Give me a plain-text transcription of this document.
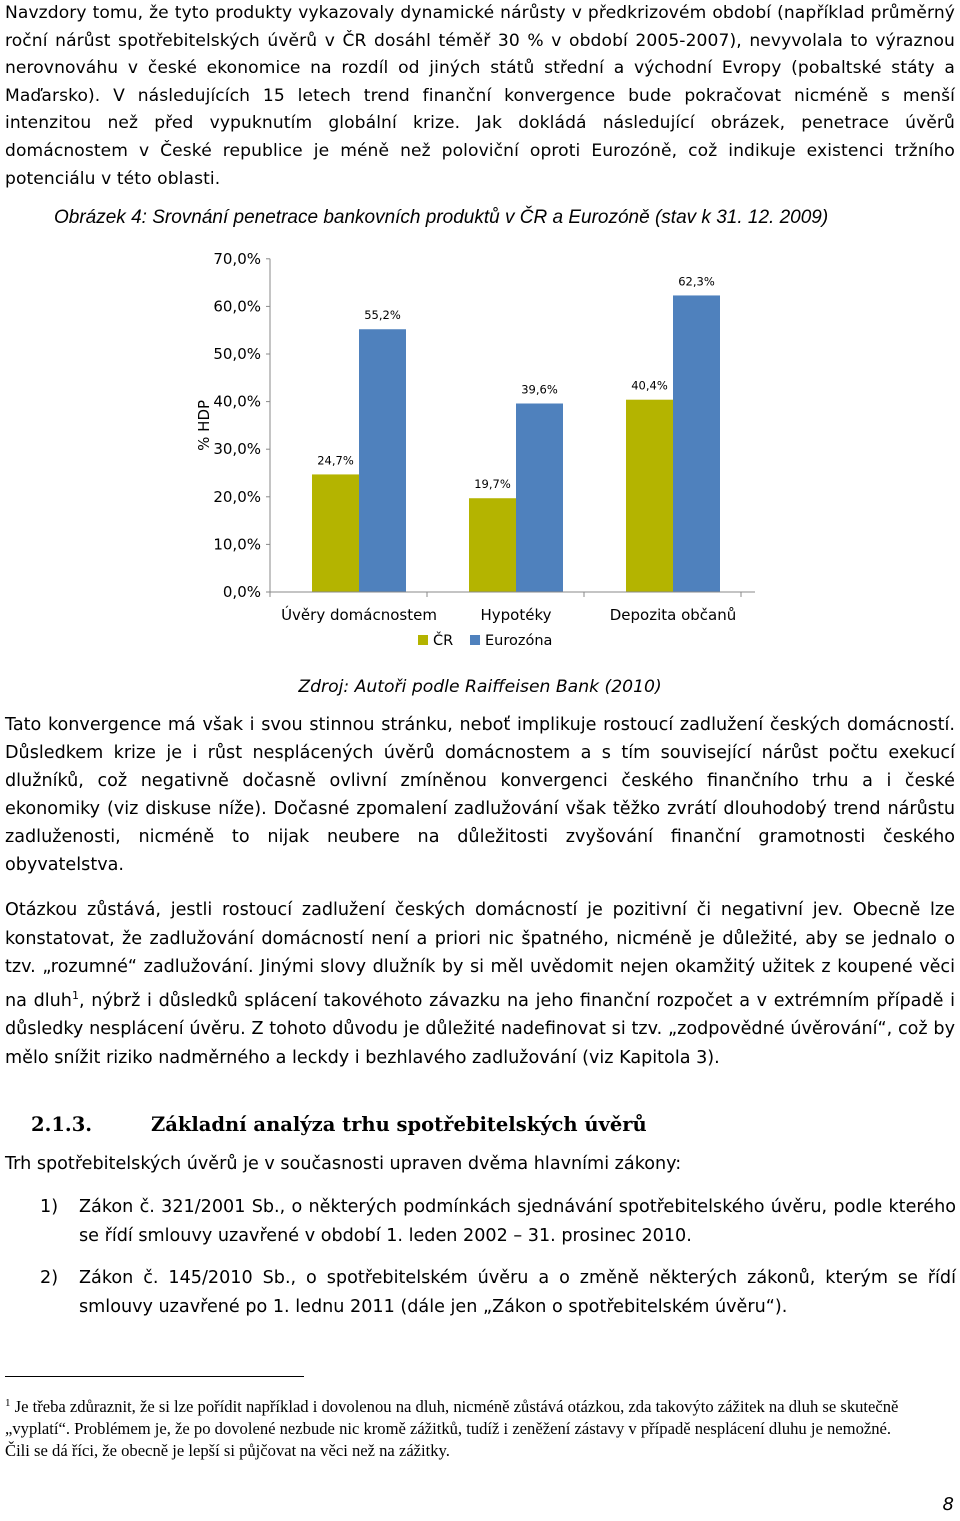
Navzdory tomu, že tyto produkty vykazovaly dynamické nárůsty v předkrizovém období (například průměrný roční nárůst spotřebitelských úvěrů v ČR dosáhl téměř 30 % v období 2005-2007), nevyvolala to výraznou nerovnováhu v české ekonomice na rozdíl od jiných států střední a východní Evropy (pobaltské státy a Maďarsko). V následujících 15 letech trend finanční konvergence bude pokračovat nicméně s menší intenzitou než před vypuknutím globální krize. Jak dokládá následující obrázek, penetrace úvěrů domácnostem v České republice je méně než poloviční oproti Eurozóně, což indikuje existenci tržního potenciálu v této oblasti.

Obrázek 4: Srovnání penetrace bankovních produktů v ČR a Eurozóně (stav k 31. 12. 2009)
0,0%
10,0%
20,0%
30,0%
40,0%
50,0%
60,0%
70,0%
% HDP
24,7%
55,2%
19,7%
39,6%	40,4%
62,3%
Úvěry domácnostem	Hypotéky	Depozita občanů
ČR Eurozóna
Zdroj: Autoři podle Raiffeisen Bank (2010)

Tato konvergence má však i svou stinnou stránku, neboť implikuje rostoucí zadlužení českých domácností. Důsledkem krize je i růst nesplácených úvěrů domácnostem a s tím související nárůst počtu exekucí dlužníků, což negativně dočasně ovlivní zmíněnou konvergenci českého finančního trhu a i české ekonomiky (viz diskuse níže). Dočasné zpomalení zadlužování však těžko zvrátí dlouhodobý trend nárůstu zadluženosti, nicméně to nijak neubere na důležitosti zvyšování finanční gramotnosti českého obyvatelstva.

Otázkou zůstává, jestli rostoucí zadlužení českých domácností je pozitivní či negativní jev. Obecně lze konstatovat, že zadlužování domácností není a priori nic špatného, nicméně je důležité, aby se jednalo o tzv. „rozumné“ zadlužování. Jinými slovy dlužník by si měl uvědomit nejen okamžitý užitek z koupené věci na dluh$^1$, nýbrž i důsledků splácení takovéhoto závazku na jeho finanční rozpočet a v extrémním případě i důsledky nesplácení úvěru. Z tohoto důvodu je důležité nadefinovat si tzv. „zodpovědné úvěrování“, což by mělo snížit riziko nadměrného a leckdy i bezhlavého zadlužování (viz Kapitola 3).

2.1.3.	Základní analýza trhu spotřebitelských úvěrů
Trh spotřebitelských úvěrů je v současnosti upraven dvěma hlavními zákony:
1)	Zákon č. 321/2001 Sb., o některých podmínkách sjednávání spotřebitelského úvěru, podle kterého se řídí smlouvy uzavřené v období 1. leden 2002 – 31. prosinec 2010.
2)	Zákon č. 145/2010 Sb., o spotřebitelském úvěru a o změně některých zákonů, kterým se řídí smlouvy uzavřené po 1. lednu 2011 (dále jen „Zákon o spotřebitelském úvěru“).
$^1$ Je třeba zdůraznit, že si lze pořídit například i dovolenou na dluh, nicméně zůstává otázkou, zda takovýto zážitek na dluh se skutečně „vyplatí“. Problémem je, že po dovolené nezbude nic kromě zážitků, tudíž i zeněžení zástavy v případě nesplácení dluhu je nemožné. Čili se dá říci, že obecně je lepší si půjčovat na věci než na zážitky.
8
